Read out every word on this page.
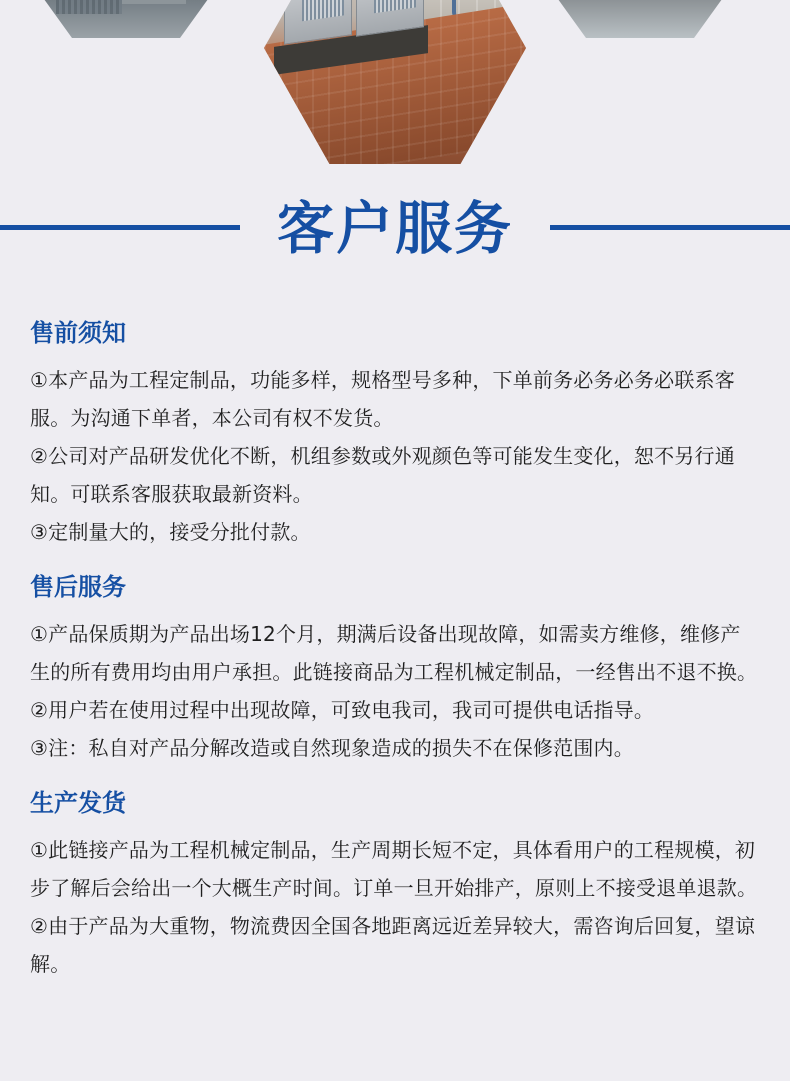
客户服务
售前须知

①本产品为工程定制品，功能多样，规格型号多种，下单前务必务必务必联系客服。为沟通下单者，本公司有权不发货。

②公司对产品研发优化不断，机组参数或外观颜色等可能发生变化，恕不另行通知。可联系客服获取最新资料。

③定制量大的，接受分批付款。

售后服务

①产品保质期为产品出场12个月，期满后设备出现故障，如需卖方维修，维修产生的所有费用均由用户承担。此链接商品为工程机械定制品，一经售出不退不换。

②用户若在使用过程中出现故障，可致电我司，我司可提供电话指导。

③注：私自对产品分解改造或自然现象造成的损失不在保修范围内。

生产发货

①此链接产品为工程机械定制品，生产周期长短不定，具体看用户的工程规模，初步了解后会给出一个大概生产时间。订单一旦开始排产，原则上不接受退单退款。

②由于产品为大重物，物流费因全国各地距离远近差异较大，需咨询后回复，望谅解。
